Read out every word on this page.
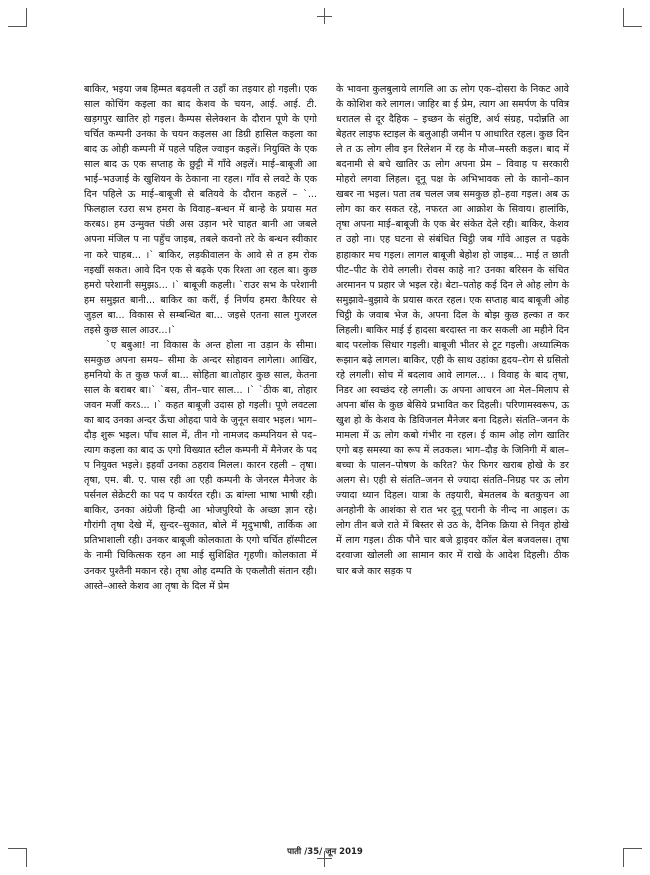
बाकिर, भइया जब हिम्मत बढ़वली त उहाँ का तइयार हो गइली। एक साल कोचिंग कइला का बाद केशव के चयन, आई. आई. टी. खड़गपुर खातिर हो गइल। कैम्पस सेलेक्शन के दौरान पूणे के एगो चर्चित कम्पनी उनका के चयन कइलस आ डिग्री हासिल कइला का बाद ऊ ओही कम्पनी में पहले पहिल ज्वाइन कइलें। नियुक्ति के एक साल बाद ऊ एक सप्ताह के छुट्टी में गाँवे अइलें। माई–बाबूजी आ भाई–भउजाई के खुशियन के ठेकाना ना रहल। गाँव से लवटे के एक दिन पहिले ऊ माई–बाबूजी से बतियवे के दौरान कहलें – `... फिलहाल रउरा सभ हमरा के विवाह–बन्धन में बान्हे के प्रयास मत करबऽ। हम उन्मुक्त पंछी अस उड़ान भरे चाहत बानी आ जबले अपना मंजिल प ना पहुँच जाइब, तबले कवनो तरे के बन्धन स्वीकार ना करे चाहब... ।` बाकिर, लड़कीवालन के आवे से त हम रोक नइखीं सकत। आवे दिन एक से बढ़के एक रिश्ता आ रहल बा। कुछ हमरो परेशानी समुझऽ... ।` बाबूजी कहली। `राउर सभ के परेशानी हम समुझत बानी... बाकिर का करीं, ई निर्णय हमरा कैरियर से जुड़ल बा... विकास से सम्बन्धित बा... जइसे एतना साल गुजरल तइसे कुछ साल आउर...।`

`ए बबुआ! ना विकास के अन्त होला ना उड़ान के सीमा। समकुछ अपना समय– सीमा के अन्दर सोहावन लागेला। आखिर, हमनियो के त कुछ फर्ज बा... सोहिता बा।तोहार कुछ साल, केतना साल के बराबर बा।` `बस, तीन–चार साल... ।` `ठीक बा, तोहार जवन मर्जी करऽ... ।` कहत बाबूजी उदास हो गइली। पूणे लवटला का बाद उनका अन्दर ऊँचा ओहदा पावे के जुनून सवार भइल। भाग–दौड़ शुरू भइल। पाँच साल में, तीन गो नामजद कम्पनियन से पद–त्याग कइला का बाद ऊ एगो विख्यात स्टील कम्पनी में मैनेजर के पद प नियुक्त भइले। इहवाँ उनका ठहराव मिलल। कारन रहली – तृषा। तृषा, एम. बी. ए. पास रही आ एही कम्पनी के जेनरल मैनेजर के पर्सनल सेक्रेटरी का पद प कार्यरत रही। ऊ बांग्ला भाषा भाषी रही। बाकिर, उनका अंग्रेजी हिन्दी आ भोजपुरियो के अच्छा ज्ञान रहे। गौरांगी तृषा देखे में, सुन्दर–सुकात, बोले में मृदुभाषी, तार्किक आ प्रतिभाशाली रही। उनकर बाबूजी कोलकाता के एगो चर्चित हॉस्पीटल के नामी चिकित्सक रहन आ माई सुशिक्षित गृहणी। कोलकाता में उनकर पुश्तैनी मकान रहे। तृषा ओह दम्पति के एकलौती संतान रही। आस्ते–आस्ते केशव आ तृषा के दिल में प्रेम

के भावना कुलबुलाये लागलि आ ऊ लोग एक–दोसरा के निकट आवे के कोशिश करे लागल। जाहिर बा ई प्रेम, त्याग आ समर्पण के पवित्र धरातल से दूर दैहिक – इच्छन के संतुष्टि, अर्थ संग्रह, पदोन्नति आ बेहतर लाइफ स्टाइल के बलुआही जमीन प आधारित रहल। कुछ दिन ले त ऊ लोग लीव इन रिलेशन में रह के मौज–मस्ती कइल। बाद में बदनामी से बचे खातिर ऊ लोग अपना प्रेम – विवाह प सरकारी मोहरो लगवा लिहल। दूनू पक्ष के अभिभावक लो के कानो–कान खबर ना भइल। पता तब चलल जब समकुछ हो–हवा गइल। अब ऊ लोग का कर सकत रहे, नफरत आ आक्रोश के सिवाय। हालांकि, तृषा अपना माई–बाबूजी के एक बेर संकेत देले रही। बाकिर, केशव त उहो ना। एह घटना से संबंधित चिट्ठी जब गाँवे आइल त पढ़के हाहाकार मच गइल। लागल बाबूजी बेहोश हो जाइब... माई त छाती पीट–पीट के रोवे लगली। रोवस काहे ना? उनका बरिसन के संचित अरमानन प प्रहार जे भइल रहे। बेटा–पतोह कई दिन ले ओह लोग के समुझावे–बुझावे के प्रयास करत रहल। एक सप्ताह बाद बाबूजी ओह चिट्ठी के जवाब भेज के, अपना दिल के बोझ कुछ हल्का त कर लिहली। बाकिर माई ई हादसा बरदास्त ना कर सकली आ महीने दिन बाद परलोक सिधार गइली। बाबूजी भीतर से टूट गइली। अध्यात्मिक रूझान बढ़े लागल। बाकिर, एही के साथ उहांका हृदय–रोग से ग्रसितो रहे लगली। सोच में बदलाव आवे लागल... । विवाह के बाद तृषा, निडर आ स्वच्छंद रहे लगली। ऊ अपना आचरन आ मेल–मिलाप से अपना बॉस के कुछ बेसिये प्रभावित कर दिहली। परिणामस्वरूप, ऊ खुश हो के केशव के डिविजनल मैनेजर बना दिहले। संतति–जनन के मामला में ऊ लोग कबो गंभीर ना रहल। ई काम ओह लोग खातिर एगो बड़ समस्या का रूप में लउकल। भाग–दौड़ के जिनिगी में बाल–बच्चा के पालन–पोषण के करित? फेर फिगर खराब होखे के डर अलग से। एही से संतति–जनन से ज्यादा संतति–निग्रह पर ऊ लोग ज्यादा ध्यान दिहल। यात्रा के तइयारी, बेमतलब के बतकुचन आ अनहोनी के आशंका से रात भर दूनू परानी के नीन्द ना आइल। ऊ लोग तीन बजे राते में बिस्तर से उठ के, दैनिक क्रिया से निवृत होखे में लाग गइल। ठीक पौने चार बजे ड्राइवर कॉल बेल बजवलस। तृषा दरवाजा खोलली आ सामान कार में राखे के आदेश दिहली। ठीक चार बजे कार सड़क प

पाती /35/ जून 2019
